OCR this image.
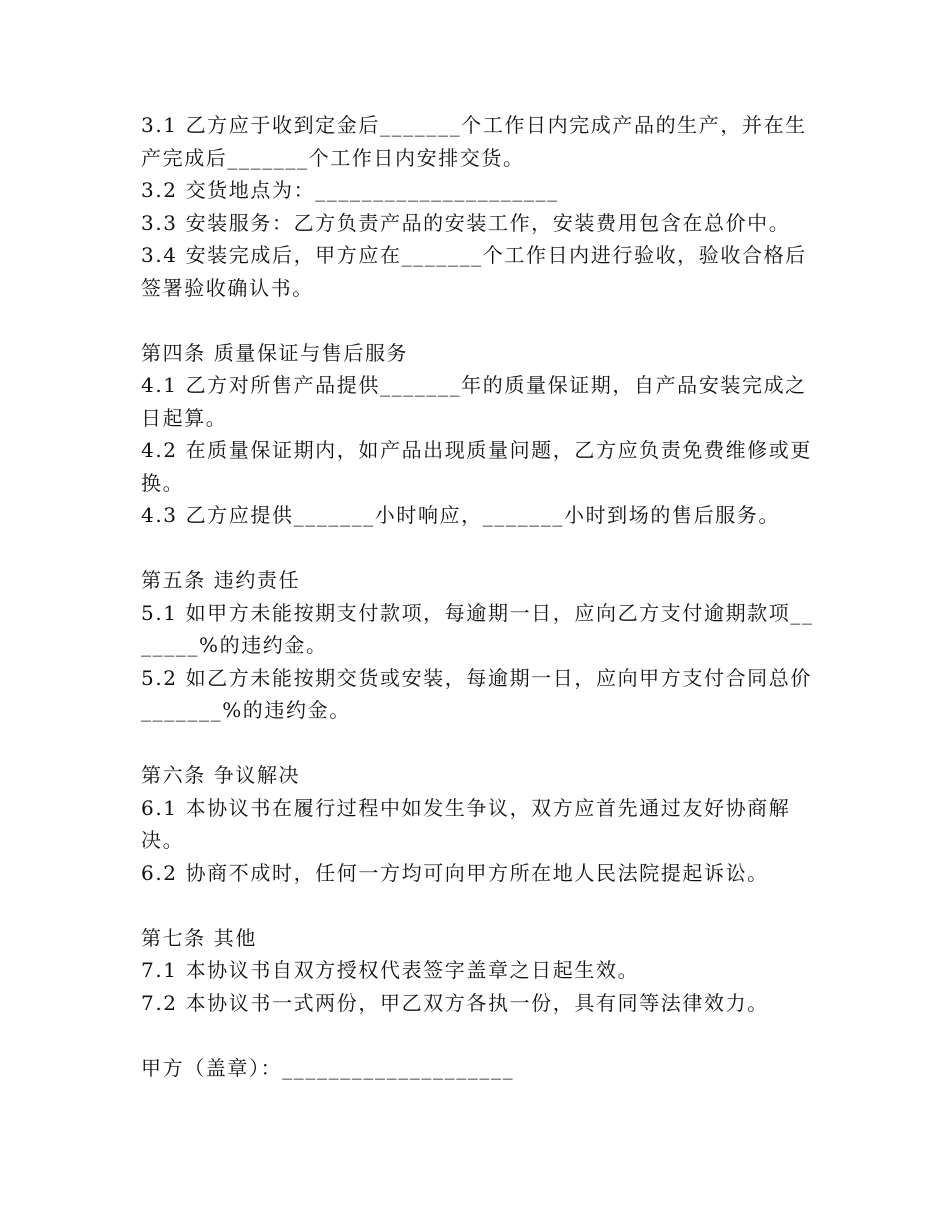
3.1 乙方应于收到定金后_______个工作日内完成产品的生产，并在生产完成后_______个工作日内安排交货。

3.2 交货地点为：_____________________

3.3 安装服务：乙方负责产品的安装工作，安装费用包含在总价中。

3.4 安装完成后，甲方应在_______个工作日内进行验收，验收合格后签署验收确认书。

第四条 质量保证与售后服务

4.1 乙方对所售产品提供_______年的质量保证期，自产品安装完成之日起算。

4.2 在质量保证期内，如产品出现质量问题，乙方应负责免费维修或更换。

4.3 乙方应提供_______小时响应，_______小时到场的售后服务。

第五条 违约责任

5.1 如甲方未能按期支付款项，每逾期一日，应向乙方支付逾期款项_______%的违约金。

5.2 如乙方未能按期交货或安装，每逾期一日，应向甲方支付合同总价_______%的违约金。

第六条 争议解决

6.1 本协议书在履行过程中如发生争议，双方应首先通过友好协商解决。

6.2 协商不成时，任何一方均可向甲方所在地人民法院提起诉讼。

第七条 其他

7.1 本协议书自双方授权代表签字盖章之日起生效。

7.2 本协议书一式两份，甲乙双方各执一份，具有同等法律效力。

甲方（盖章）：____________________
